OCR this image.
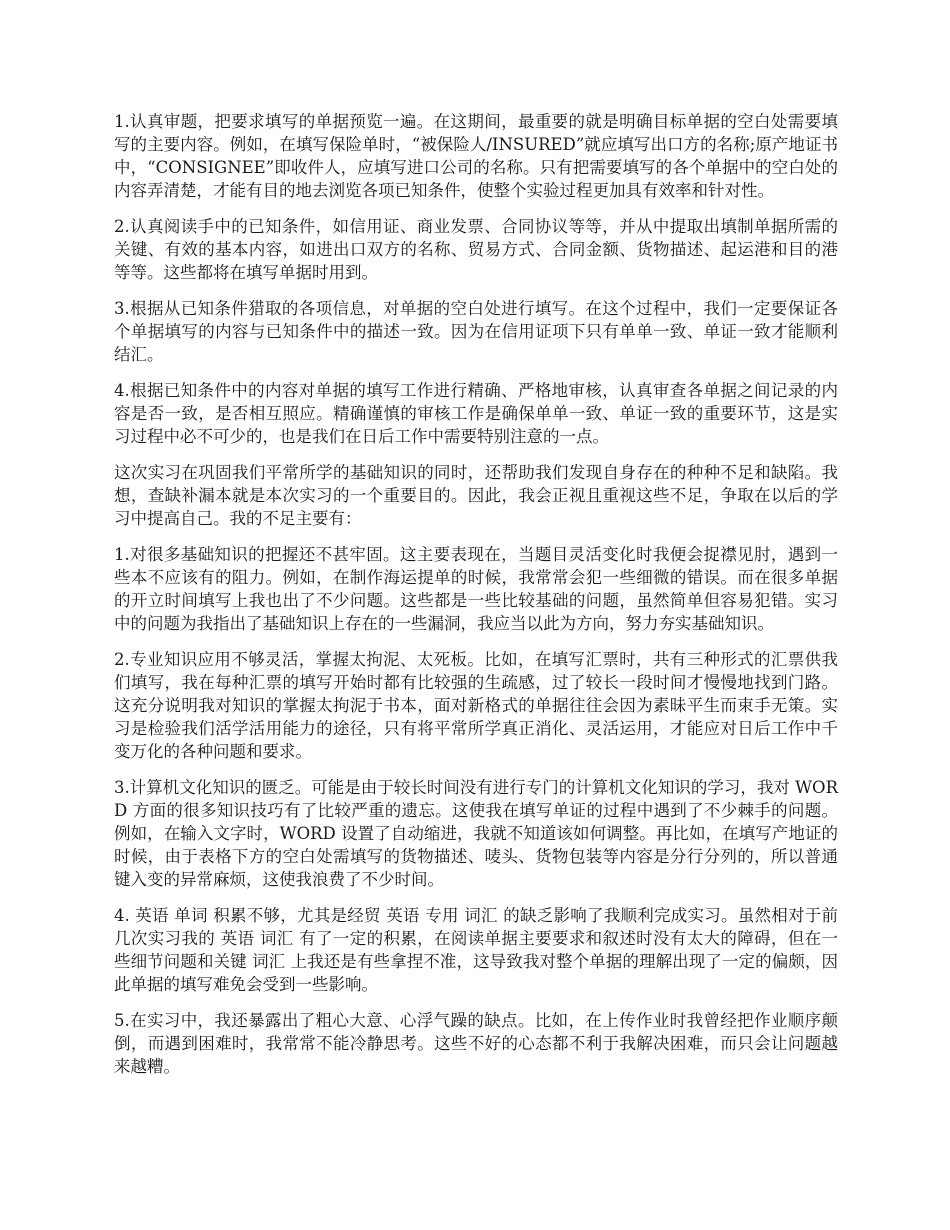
1.认真审题，把要求填写的单据预览一遍。在这期间，最重要的就是明确目标单据的空白处需要填写的主要内容。例如，在填写保险单时，“被保险人/INSURED”就应填写出口方的名称;原产地证书中，“CONSIGNEE”即收件人，应填写进口公司的名称。只有把需要填写的各个单据中的空白处的内容弄清楚，才能有目的地去浏览各项已知条件，使整个实验过程更加具有效率和针对性。

2.认真阅读手中的已知条件，如信用证、商业发票、合同协议等等，并从中提取出填制单据所需的关键、有效的基本内容，如进出口双方的名称、贸易方式、合同金额、货物描述、起运港和目的港等等。这些都将在填写单据时用到。

3.根据从已知条件猎取的各项信息，对单据的空白处进行填写。在这个过程中，我们一定要保证各个单据填写的内容与已知条件中的描述一致。因为在信用证项下只有单单一致、单证一致才能顺利结汇。

4.根据已知条件中的内容对单据的填写工作进行精确、严格地审核，认真审查各单据之间记录的内容是否一致，是否相互照应。精确谨慎的审核工作是确保单单一致、单证一致的重要环节，这是实习过程中必不可少的，也是我们在日后工作中需要特别注意的一点。

这次实习在巩固我们平常所学的基础知识的同时，还帮助我们发现自身存在的种种不足和缺陷。我想，查缺补漏本就是本次实习的一个重要目的。因此，我会正视且重视这些不足，争取在以后的学习中提高自己。我的不足主要有：

1.对很多基础知识的把握还不甚牢固。这主要表现在，当题目灵活变化时我便会捉襟见肘，遇到一些本不应该有的阻力。例如，在制作海运提单的时候，我常常会犯一些细微的错误。而在很多单据的开立时间填写上我也出了不少问题。这些都是一些比较基础的问题，虽然简单但容易犯错。实习中的问题为我指出了基础知识上存在的一些漏洞，我应当以此为方向，努力夯实基础知识。

2.专业知识应用不够灵活，掌握太拘泥、太死板。比如，在填写汇票时，共有三种形式的汇票供我们填写，我在每种汇票的填写开始时都有比较强的生疏感，过了较长一段时间才慢慢地找到门路。这充分说明我对知识的掌握太拘泥于书本，面对新格式的单据往往会因为素昧平生而束手无策。实习是检验我们活学活用能力的途径，只有将平常所学真正消化、灵活运用，才能应对日后工作中千变万化的各种问题和要求。

3.计算机文化知识的匮乏。可能是由于较长时间没有进行专门的计算机文化知识的学习，我对 WORD 方面的很多知识技巧有了比较严重的遗忘。这使我在填写单证的过程中遇到了不少棘手的问题。例如，在输入文字时，WORD 设置了自动缩进，我就不知道该如何调整。再比如，在填写产地证的时候，由于表格下方的空白处需填写的货物描述、唛头、货物包装等内容是分行分列的，所以普通键入变的异常麻烦，这使我浪费了不少时间。

4. 英语 单词 积累不够，尤其是经贸 英语 专用 词汇 的缺乏影响了我顺利完成实习。虽然相对于前几次实习我的 英语 词汇 有了一定的积累，在阅读单据主要要求和叙述时没有太大的障碍，但在一些细节问题和关键 词汇 上我还是有些拿捏不准，这导致我对整个单据的理解出现了一定的偏颇，因此单据的填写难免会受到一些影响。

5.在实习中，我还暴露出了粗心大意、心浮气躁的缺点。比如，在上传作业时我曾经把作业顺序颠倒，而遇到困难时，我常常不能冷静思考。这些不好的心态都不利于我解决困难，而只会让问题越来越糟。
